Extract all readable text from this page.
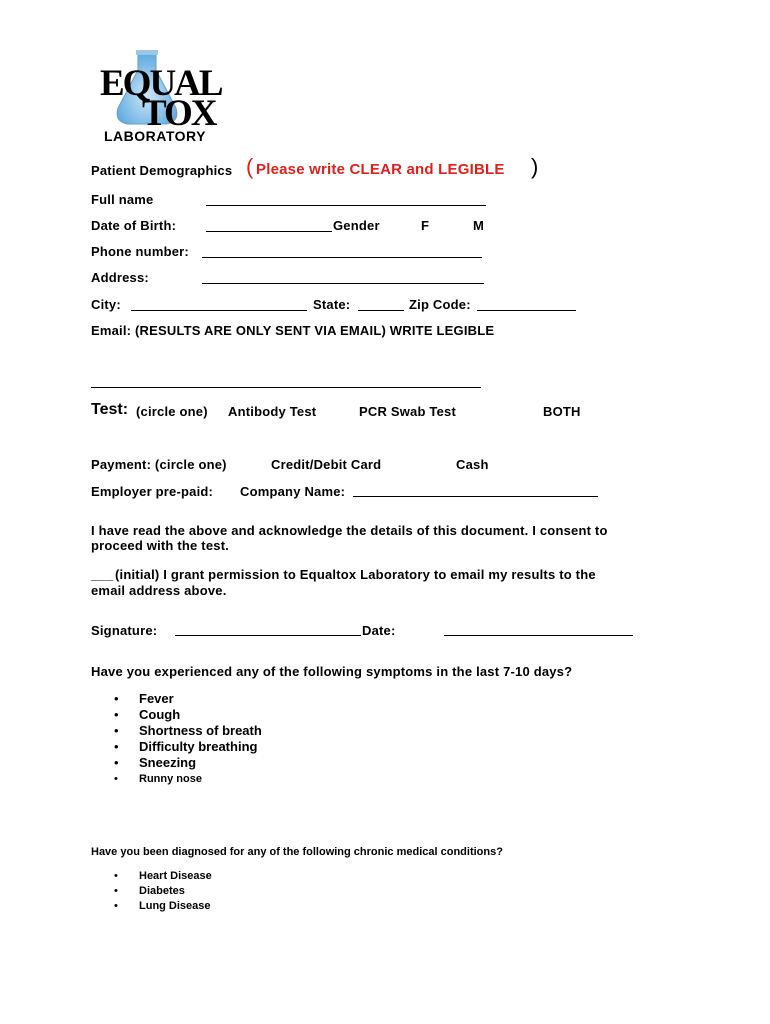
EQUAL
TOX
LABORATORY
Patient Demographics ( Please write CLEAR and LEGIBLE )
Full name
Date of Birth:	Gender	F	M
Phone number:
Address:
City:	State:	Zip Code:
Email: (RESULTS ARE ONLY SENT VIA EMAIL) WRITE LEGIBLE
Test: (circle one) Antibody Test	PCR Swab Test	BOTH
Payment: (circle one)	Credit/Debit Card	Cash
Employer pre-paid: Company Name:
I have read the above and acknowledge the details of this document. I consent to
proceed with the test.
___ (initial) I grant permission to Equaltox Laboratory to email my results to the
email address above.
Signature:	Date:
Have you experienced any of the following symptoms in the last 7-10 days?
• Fever
• Cough
• Shortness of breath
• Difficulty breathing
• Sneezing
• Runny nose
Have you been diagnosed for any of the following chronic medical conditions?
• Heart Disease
• Diabetes
• Lung Disease
